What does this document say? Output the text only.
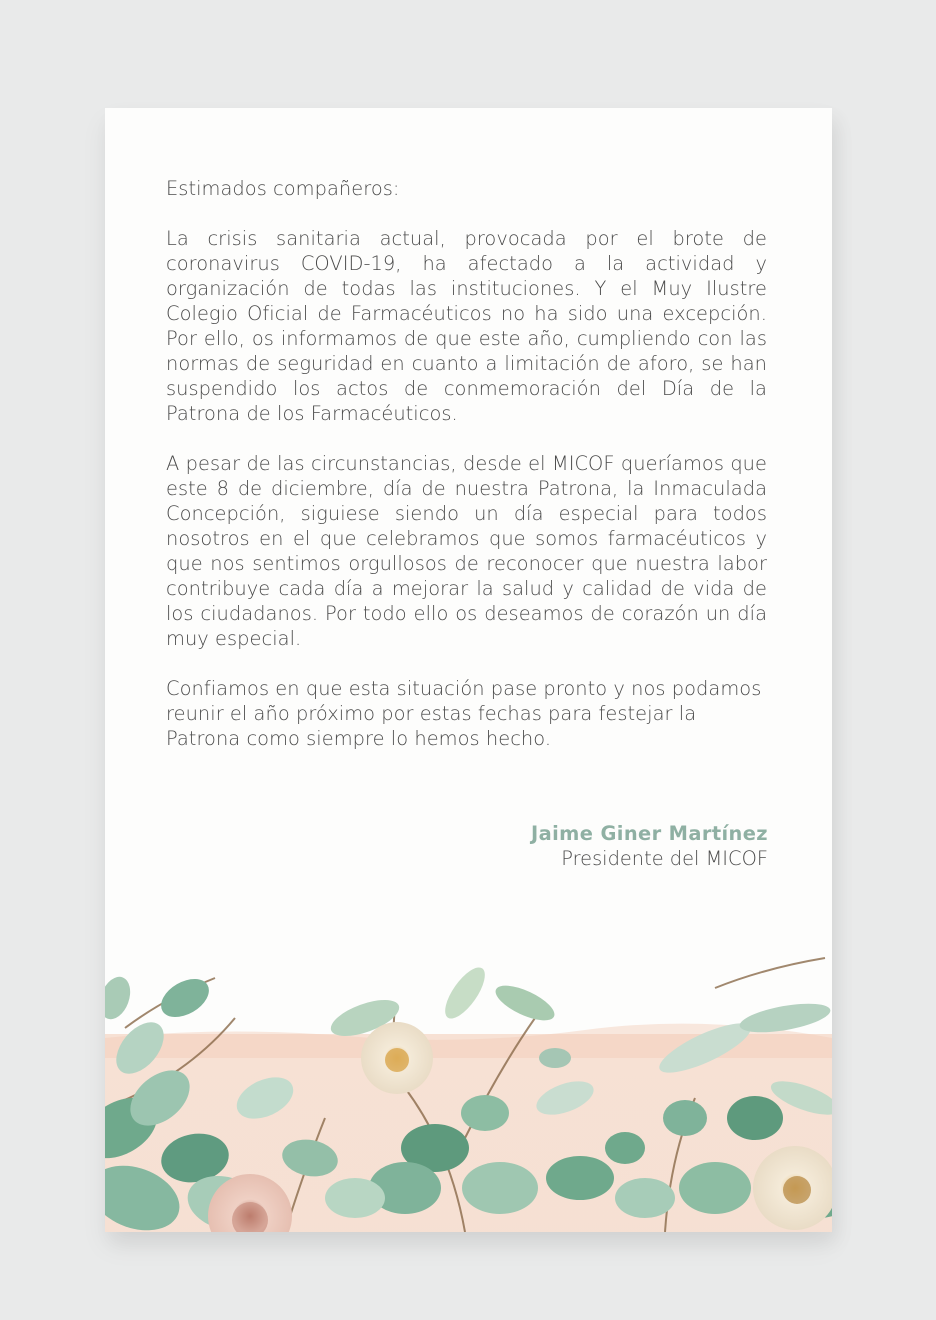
Estimados compañeros:

La crisis sanitaria actual, provocada por el brote de coronavirus COVID-19, ha afectado a la actividad y organización de todas las instituciones. Y el Muy Ilustre Colegio Oficial de Farmacéuticos no ha sido una excepción. Por ello, os informamos de que este año, cumpliendo con las normas de seguridad en cuanto a limitación de aforo, se han suspendido los actos de conmemoración del Día de la Patrona de los Farmacéuticos.

A pesar de las circunstancias, desde el MICOF queríamos que este 8 de diciembre, día de nuestra Patrona, la Inmaculada Concepción, siguiese siendo un día especial para todos nosotros en el que celebramos que somos farmacéuticos y que nos sentimos orgullosos de reconocer que nuestra labor contribuye cada día a mejorar la salud y calidad de vida de los ciudadanos. Por todo ello os deseamos de corazón un día muy especial.

Confiamos en que esta situación pase pronto y nos podamos reunir el año próximo por estas fechas para festejar la Patrona como siempre lo hemos hecho.

Jaime Giner Martínez
Presidente del MICOF
